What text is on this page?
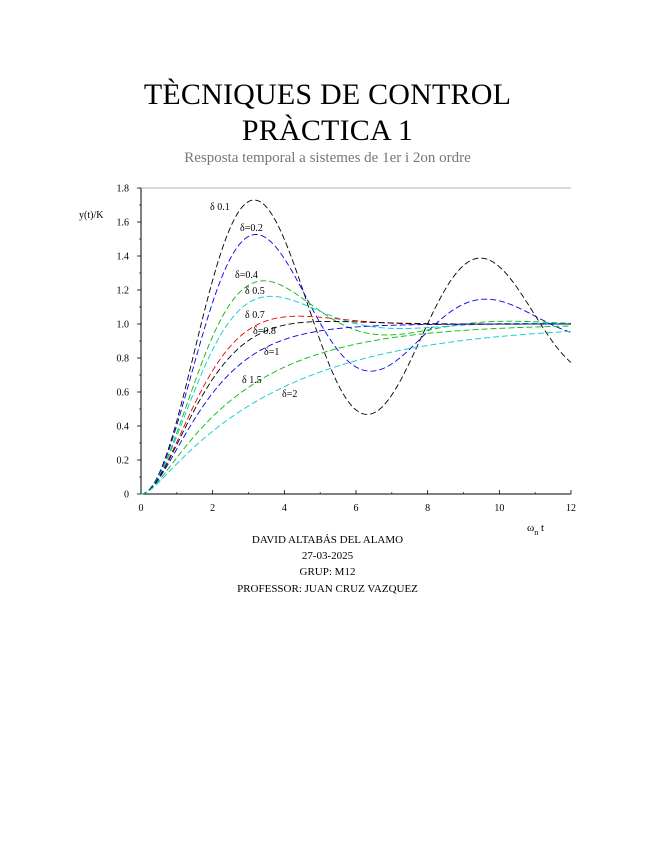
TÈCNIQUES DE CONTROL
PRÀCTICA 1
Resposta temporal a sistemes de 1er i 2on ordre
0	2	4	6	8	10	12
0
0.2
0.4
0.6
0.8
1.0
1.2
1.4
1.6
1.8
δ 0.1
δ=0.2
δ=0.4
δ 0.5
δ 0.7
δ=0.8
δ=1
δ 1.5
δ=2
y(t)/K
$\omega_n$ t
DAVID ALTABÁS DEL ALAMO
27-03-2025
GRUP: M12
PROFESSOR: JUAN CRUZ VAZQUEZ
